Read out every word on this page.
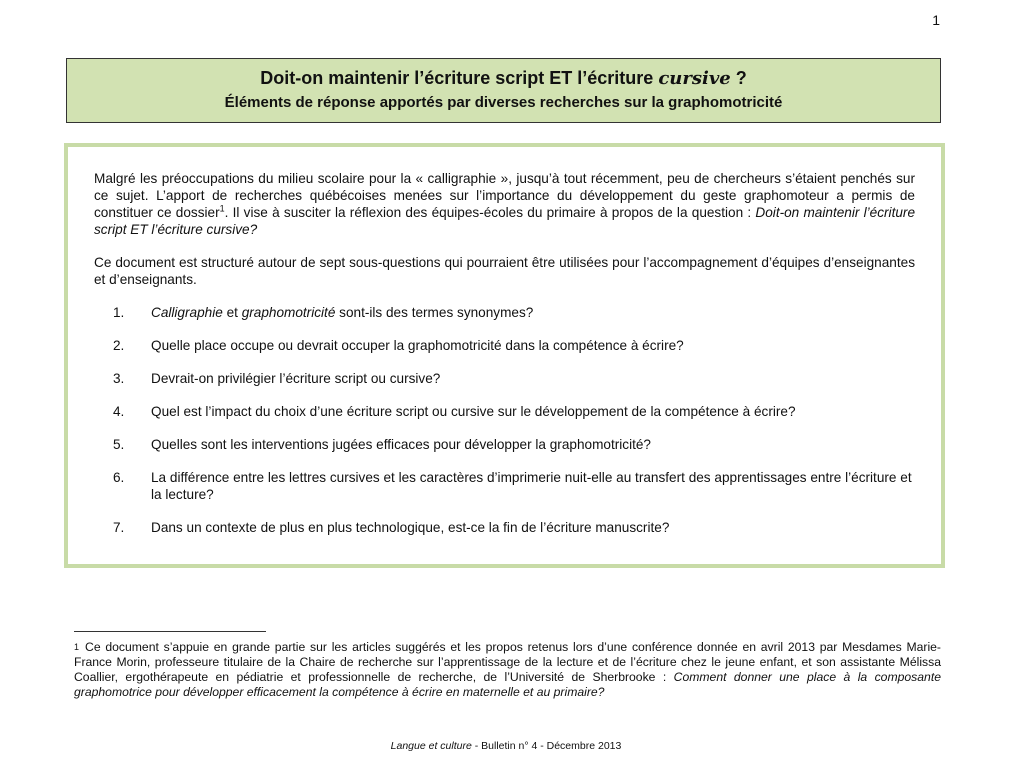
1
Doit-on maintenir l’écriture script ET l’écriture cursive ?
Éléments de réponse apportés par diverses recherches sur la graphomotricité

Malgré les préoccupations du milieu scolaire pour la « calligraphie », jusqu’à tout récemment, peu de chercheurs s’étaient penchés sur ce sujet. L’apport de recherches québécoises menées sur l’importance du développement du geste graphomoteur a permis de constituer ce dossier$^1$. Il vise à susciter la réflexion des équipes-écoles du primaire à propos de la question : Doit-on maintenir l’écriture script ET l’écriture cursive?

Ce document est structuré autour de sept sous-questions qui pourraient être utilisées pour l’accompagnement d’équipes d’enseignantes et d’enseignants.

1. Calligraphie et graphomotricité sont-ils des termes synonymes?
2. Quelle place occupe ou devrait occuper la graphomotricité dans la compétence à écrire?
3. Devrait-on privilégier l’écriture script ou cursive?
4. Quel est l’impact du choix d’une écriture script ou cursive sur le développement de la compétence à écrire?
5. Quelles sont les interventions jugées efficaces pour développer la graphomotricité?
6. La différence entre les lettres cursives et les caractères d’imprimerie nuit-elle au transfert des apprentissages entre l’écriture et la lecture?
7. Dans un contexte de plus en plus technologique, est-ce la fin de l’écriture manuscrite?

$^1$ Ce document s’appuie en grande partie sur les articles suggérés et les propos retenus lors d’une conférence donnée en avril 2013 par Mesdames Marie-France Morin, professeure titulaire de la Chaire de recherche sur l’apprentissage de la lecture et de l’écriture chez le jeune enfant, et son assistante Mélissa Coallier, ergothérapeute en pédiatrie et professionnelle de recherche, de l’Université de Sherbrooke : Comment donner une place à la composante graphomotrice pour développer efficacement la compétence à écrire en maternelle et au primaire?

Langue et culture - Bulletin n° 4 - Décembre 2013
